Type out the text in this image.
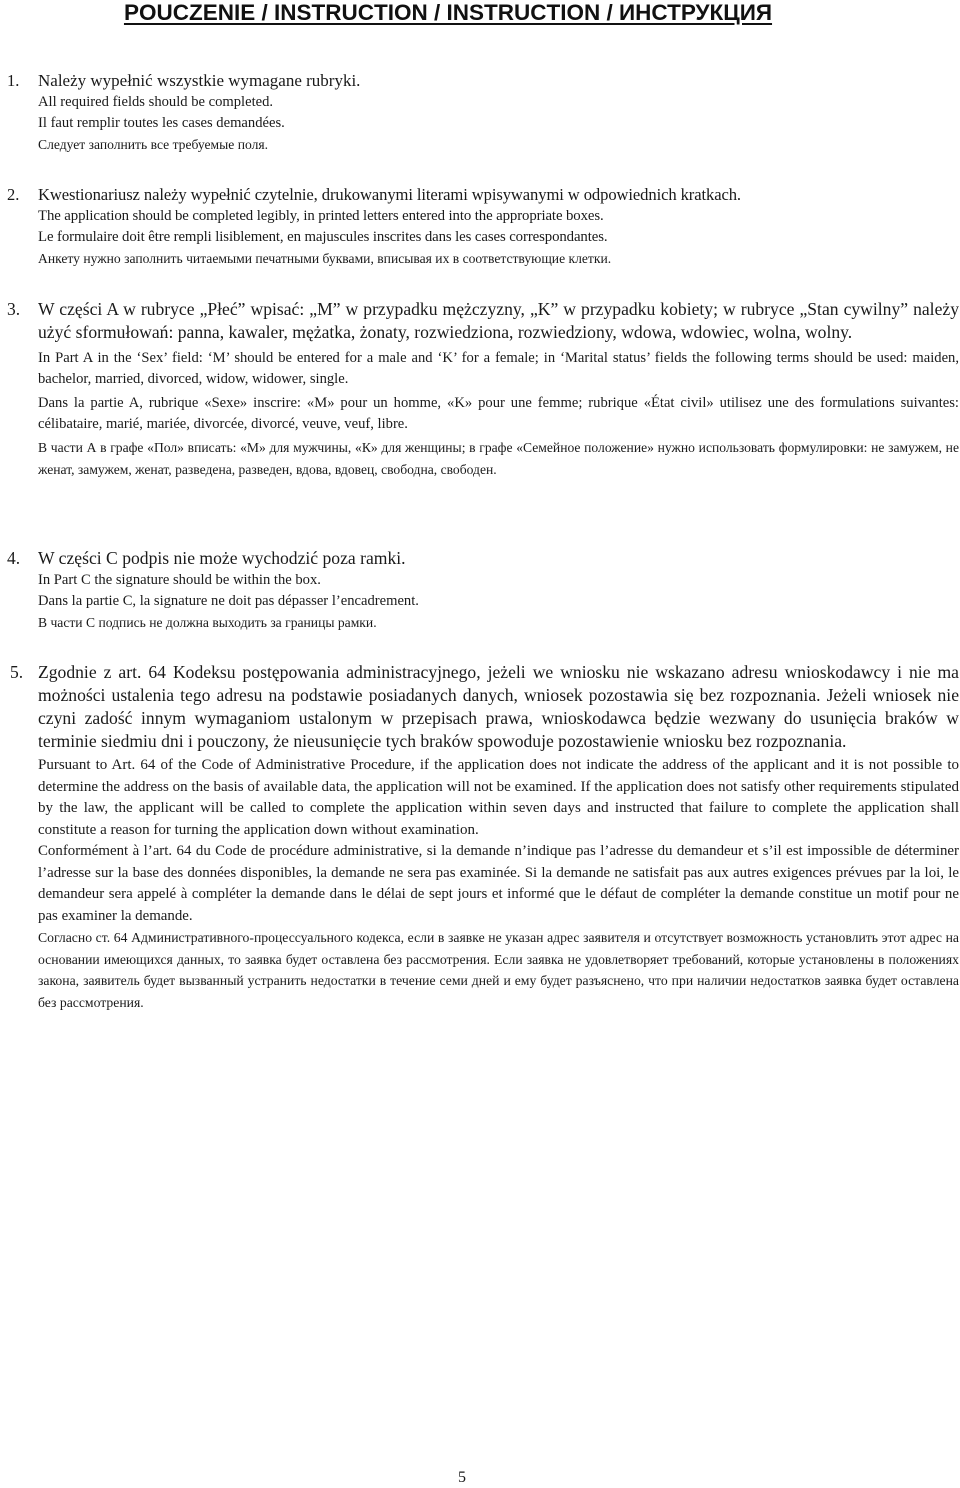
POUCZENIE / INSTRUCTION / INSTRUCTION / ИНСТРУКЦИЯ
1. Należy wypełnić wszystkie wymagane rubryki.

All required fields should be completed.

Il faut remplir toutes les cases demandées.

Следует заполнить все требуемые поля.

2. Kwestionariusz należy wypełnić czytelnie, drukowanymi literami wpisywanymi w odpowiednich kratkach.

The application should be completed legibly, in printed letters entered into the appropriate boxes.

Le formulaire doit être rempli lisiblement, en majuscules inscrites dans les cases correspondantes.

Анкету нужно заполнить читаемыми печатными буквами, вписывая их в соответствующие клетки.

3. W części A w rubryce „Płeć” wpisać: „M” w przypadku mężczyzny, „K” w przypadku kobiety; w rubryce „Stan cywilny” należy użyć sformułowań: panna, kawaler, mężatka, żonaty, rozwiedziona, rozwiedziony, wdowa, wdowiec, wolna, wolny.

In Part A in the ‘Sex’ field: ‘M’ should be entered for a male and ‘K’ for a female; in ‘Marital status’ fields the following terms should be used: maiden, bachelor, married, divorced, widow, widower, single.

Dans la partie A, rubrique «Sexe» inscrire: «M» pour un homme, «K» pour une femme; rubrique «État civil» utilisez une des formulations suivantes: célibataire, marié, mariée, divorcée, divorcé, veuve, veuf, libre.

В части А в графе «Пол» вписать: «М» для мужчины, «К» для женщины; в графе «Семейное положение» нужно использовать формулировки: не замужем, не женат, замужем, женат, разведена, разведен, вдова, вдовец, свободна, свободен.

4. W części C podpis nie może wychodzić poza ramki.

In Part C the signature should be within the box.

Dans la partie C, la signature ne doit pas dépasser l’encadrement.

В части С подпись не должна выходить за границы рамки.

5. Zgodnie z art. 64 Kodeksu postępowania administracyjnego, jeżeli we wniosku nie wskazano adresu wnioskodawcy i nie ma możności ustalenia tego adresu na podstawie posiadanych danych, wniosek pozostawia się bez rozpoznania. Jeżeli wniosek nie czyni zadość innym wymaganiom ustalonym w przepisach prawa, wnioskodawca będzie wezwany do usunięcia braków w terminie siedmiu dni i pouczony, że nieusunięcie tych braków spowoduje pozostawienie wniosku bez rozpoznania.

Pursuant to Art. 64 of the Code of Administrative Procedure, if the application does not indicate the address of the applicant and it is not possible to determine the address on the basis of available data, the application will not be examined. If the application does not satisfy other requirements stipulated by the law, the applicant will be called to complete the application within seven days and instructed that failure to complete the application shall constitute a reason for turning the application down without examination.

Conformément à l’art. 64 du Code de procédure administrative, si la demande n’indique pas l’adresse du demandeur et s’il est impossible de déterminer l’adresse sur la base des données disponibles, la demande ne sera pas examinée. Si la demande ne satisfait pas aux autres exigences prévues par la loi, le demandeur sera appelé à compléter la demande dans le délai de sept jours et informé que le défaut de compléter la demande constitue un motif pour ne pas examiner la demande.

Согласно ст. 64 Административного-процессуального кодекса, если в заявке не указан адрес заявителя и отсутствует возможность установлить этот адрес на основании имеющихся данных, то заявка будет оставлена без рассмотрения. Если заявка не удовлетворяет требований, которые установлены в положениях закона, заявитель будет вызванный устранить недостатки в течение семи дней и ему будет разъяснено, что при наличии недостатков заявка будет оставлена без рассмотрения.

5
